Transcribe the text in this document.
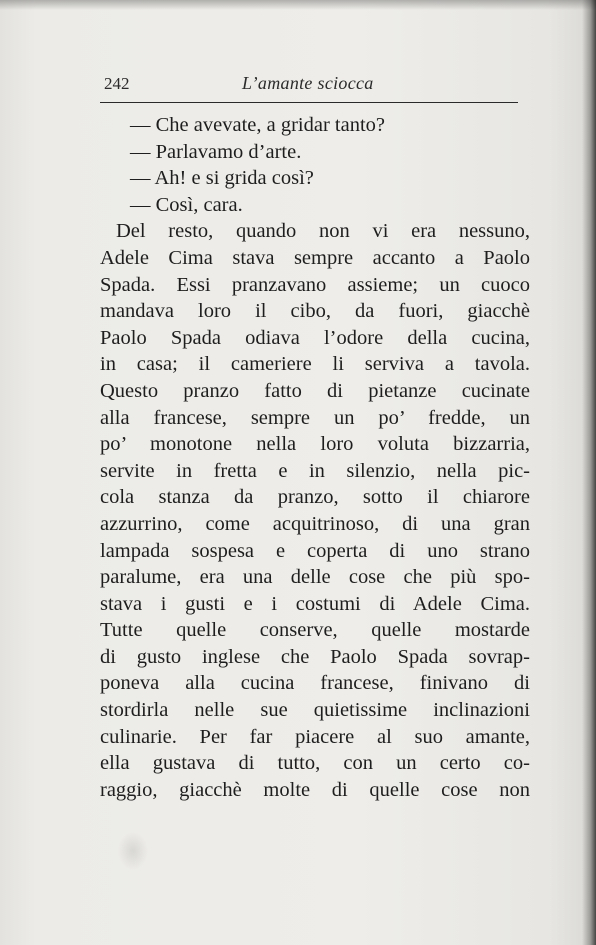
242	L’amante sciocca
— Che avevate, a gridar tanto?
— Parlavamo d’arte.
— Ah! e si grida così?
— Così, cara.
Del resto, quando non vi era nessuno,
Adele Cima stava sempre accanto a Paolo
Spada. Essi pranzavano assieme; un cuoco
mandava loro il cibo, da fuori, giacchè
Paolo Spada odiava l’odore della cucina,
in casa; il cameriere li serviva a tavola.
Questo pranzo fatto di pietanze cucinate
alla francese, sempre un po’ fredde, un
po’ monotone nella loro voluta bizzarria,
servite in fretta e in silenzio, nella pic-
cola stanza da pranzo, sotto il chiarore
azzurrino, come acquitrinoso, di una gran
lampada sospesa e coperta di uno strano
paralume, era una delle cose che più spo-
stava i gusti e i costumi di Adele Cima.
Tutte quelle conserve, quelle mostarde
di gusto inglese che Paolo Spada sovrap-
poneva alla cucina francese, finivano di
stordirla nelle sue quietissime inclinazioni
culinarie. Per far piacere al suo amante,
ella gustava di tutto, con un certo co-
raggio, giacchè molte di quelle cose non
